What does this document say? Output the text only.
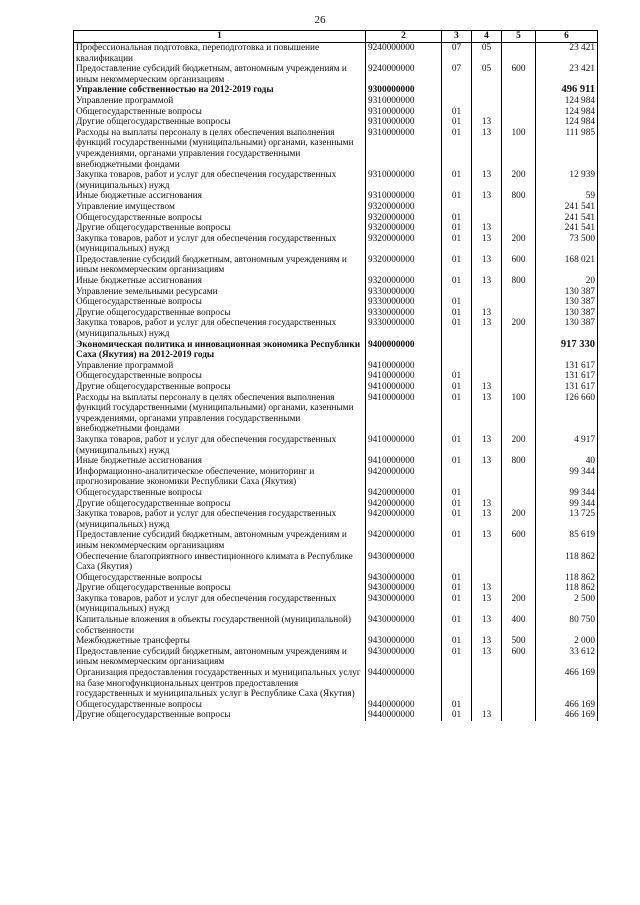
26
1	2	3	4	5	6
Профессиональная подготовка, переподготовка и повышение квалификации	9240000000	07	05		23 421
Предоставление субсидий бюджетным, автономным учреждениям и иным некоммерческим организациям	9240000000	07	05	600	23 421
Управление собственностью на 2012-2019 годы	9300000000				496 911
Управление программой	9310000000				124 984
Общегосударственные вопросы	9310000000	01			124 984
Другие общегосударственные вопросы	9310000000	01	13		124 984
Расходы на выплаты персоналу в целях обеспечения выполнения функций государственными (муниципальными) органами, казенными учреждениями, органами управления государственными внебюджетными фондами	9310000000	01	13	100	111 985
Закупка товаров, работ и услуг для обеспечения государственных (муниципальных) нужд	9310000000	01	13	200	12 939
Иные бюджетные ассигнования	9310000000	01	13	800	59
Управление имуществом	9320000000				241 541
Общегосударственные вопросы	9320000000	01			241 541
Другие общегосударственные вопросы	9320000000	01	13		241 541
Закупка товаров, работ и услуг для обеспечения государственных (муниципальных) нужд	9320000000	01	13	200	73 500
Предоставление субсидий бюджетным, автономным учреждениям и иным некоммерческим организациям	9320000000	01	13	600	168 021
Иные бюджетные ассигнования	9320000000	01	13	800	20
Управление земельными ресурсами	9330000000				130 387
Общегосударственные вопросы	9330000000	01			130 387
Другие общегосударственные вопросы	9330000000	01	13		130 387
Закупка товаров, работ и услуг для обеспечения государственных (муниципальных) нужд	9330000000	01	13	200	130 387
Экономическая политика и инновационная экономика Республики Саха (Якутия) на 2012-2019 годы	9400000000				917 330
Управление программой	9410000000				131 617
Общегосударственные вопросы	9410000000	01			131 617
Другие общегосударственные вопросы	9410000000	01	13		131 617
Расходы на выплаты персоналу в целях обеспечения выполнения функций государственными (муниципальными) органами, казенными учреждениями, органами управления государственными внебюджетными фондами	9410000000	01	13	100	126 660
Закупка товаров, работ и услуг для обеспечения государственных (муниципальных) нужд	9410000000	01	13	200	4 917
Иные бюджетные ассигнования	9410000000	01	13	800	40
Информационно-аналитическое обеспечение, мониторинг и прогнозирование экономики Республики Саха (Якутия)	9420000000				99 344
Общегосударственные вопросы	9420000000	01			99 344
Другие общегосударственные вопросы	9420000000	01	13		99 344
Закупка товаров, работ и услуг для обеспечения государственных (муниципальных) нужд	9420000000	01	13	200	13 725
Предоставление субсидий бюджетным, автономным учреждениям и иным некоммерческим организациям	9420000000	01	13	600	85 619
Обеспечение благоприятного инвестиционного климата в Республике Саха (Якутия)	9430000000				118 862
Общегосударственные вопросы	9430000000	01			118 862
Другие общегосударственные вопросы	9430000000	01	13		118 862
Закупка товаров, работ и услуг для обеспечения государственных (муниципальных) нужд	9430000000	01	13	200	2 500
Капитальные вложения в объекты государственной (муниципальной) собственности	9430000000	01	13	400	80 750
Межбюджетные трансферты	9430000000	01	13	500	2 000
Предоставление субсидий бюджетным, автономным учреждениям и иным некоммерческим организациям	9430000000	01	13	600	33 612
Организация предоставления государственных и муниципальных услуг на базе многофункциональных центров предоставления государственных и муниципальных услуг в Республике Саха (Якутия)	9440000000				466 169
Общегосударственные вопросы	9440000000	01			466 169
Другие общегосударственные вопросы	9440000000	01	13		466 169
